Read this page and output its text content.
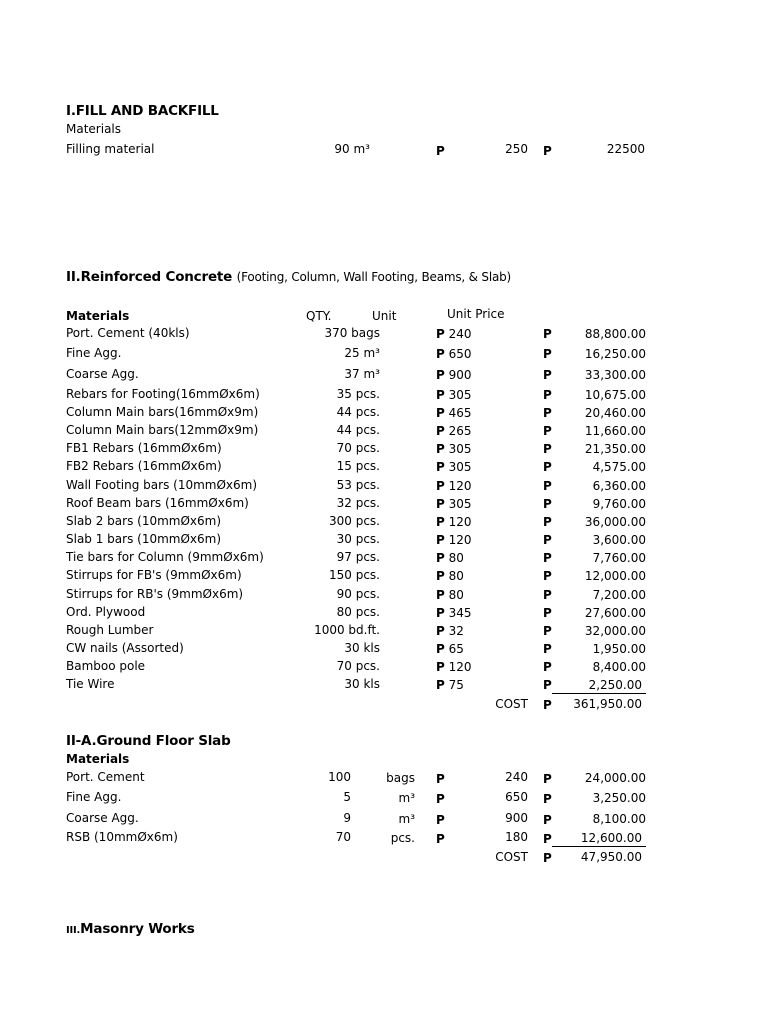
I.FILL AND BACKFILL
Materials
Filling material	90 m³	P	250 P	22500
II.Reinforced Concrete (Footing, Column, Wall Footing, Beams, & Slab)
Materials	QTY.	Unit	Unit Price
Port. Cement (40kls)	370 bags	P 240	P	88,800.00
Fine Agg.	25 m³	P 650	P	16,250.00
Coarse Agg.	37 m³	P 900	P	33,300.00
Rebars for Footing(16mmØx6m)	35 pcs.	P 305	P	10,675.00
Column Main bars(16mmØx9m)	44 pcs.	P 465	P	20,460.00
Column Main bars(12mmØx9m)	44 pcs.	P 265	P	11,660.00
FB1 Rebars (16mmØx6m)	70 pcs.	P 305	P	21,350.00
FB2 Rebars (16mmØx6m)	15 pcs.	P 305	P	4,575.00
Wall Footing bars (10mmØx6m)	53 pcs.	P 120	P	6,360.00
Roof Beam bars (16mmØx6m)	32 pcs.	P 305	P	9,760.00
Slab 2 bars (10mmØx6m)	300 pcs.	P 120	P	36,000.00
Slab 1 bars (10mmØx6m)	30 pcs.	P 120	P	3,600.00
Tie bars for Column (9mmØx6m)	97 pcs.	P 80	P	7,760.00
Stirrups for FB's (9mmØx6m)	150 pcs.	P 80	P	12,000.00
Stirrups for RB's (9mmØx6m)	90 pcs.	P 80	P	7,200.00
Ord. Plywood	80 pcs.	P 345	P	27,600.00
Rough Lumber	1000 bd.ft.	P 32	P	32,000.00
CW nails (Assorted)	30 kls	P 65	P	1,950.00
Bamboo pole	70 pcs.	P 120	P	8,400.00
Tie Wire	30 kls	P 75	P	2,250.00
COST P	361,950.00
II-A.Ground Floor Slab
Materials
Port. Cement	100	bags P	240 P	24,000.00
Fine Agg.	5	m³ P	650 P	3,250.00
Coarse Agg.	9	m³ P	900 P	8,100.00
RSB (10mmØx6m)	70	pcs. P	180 P	12,600.00
COST P	47,950.00
III.Masonry Works
